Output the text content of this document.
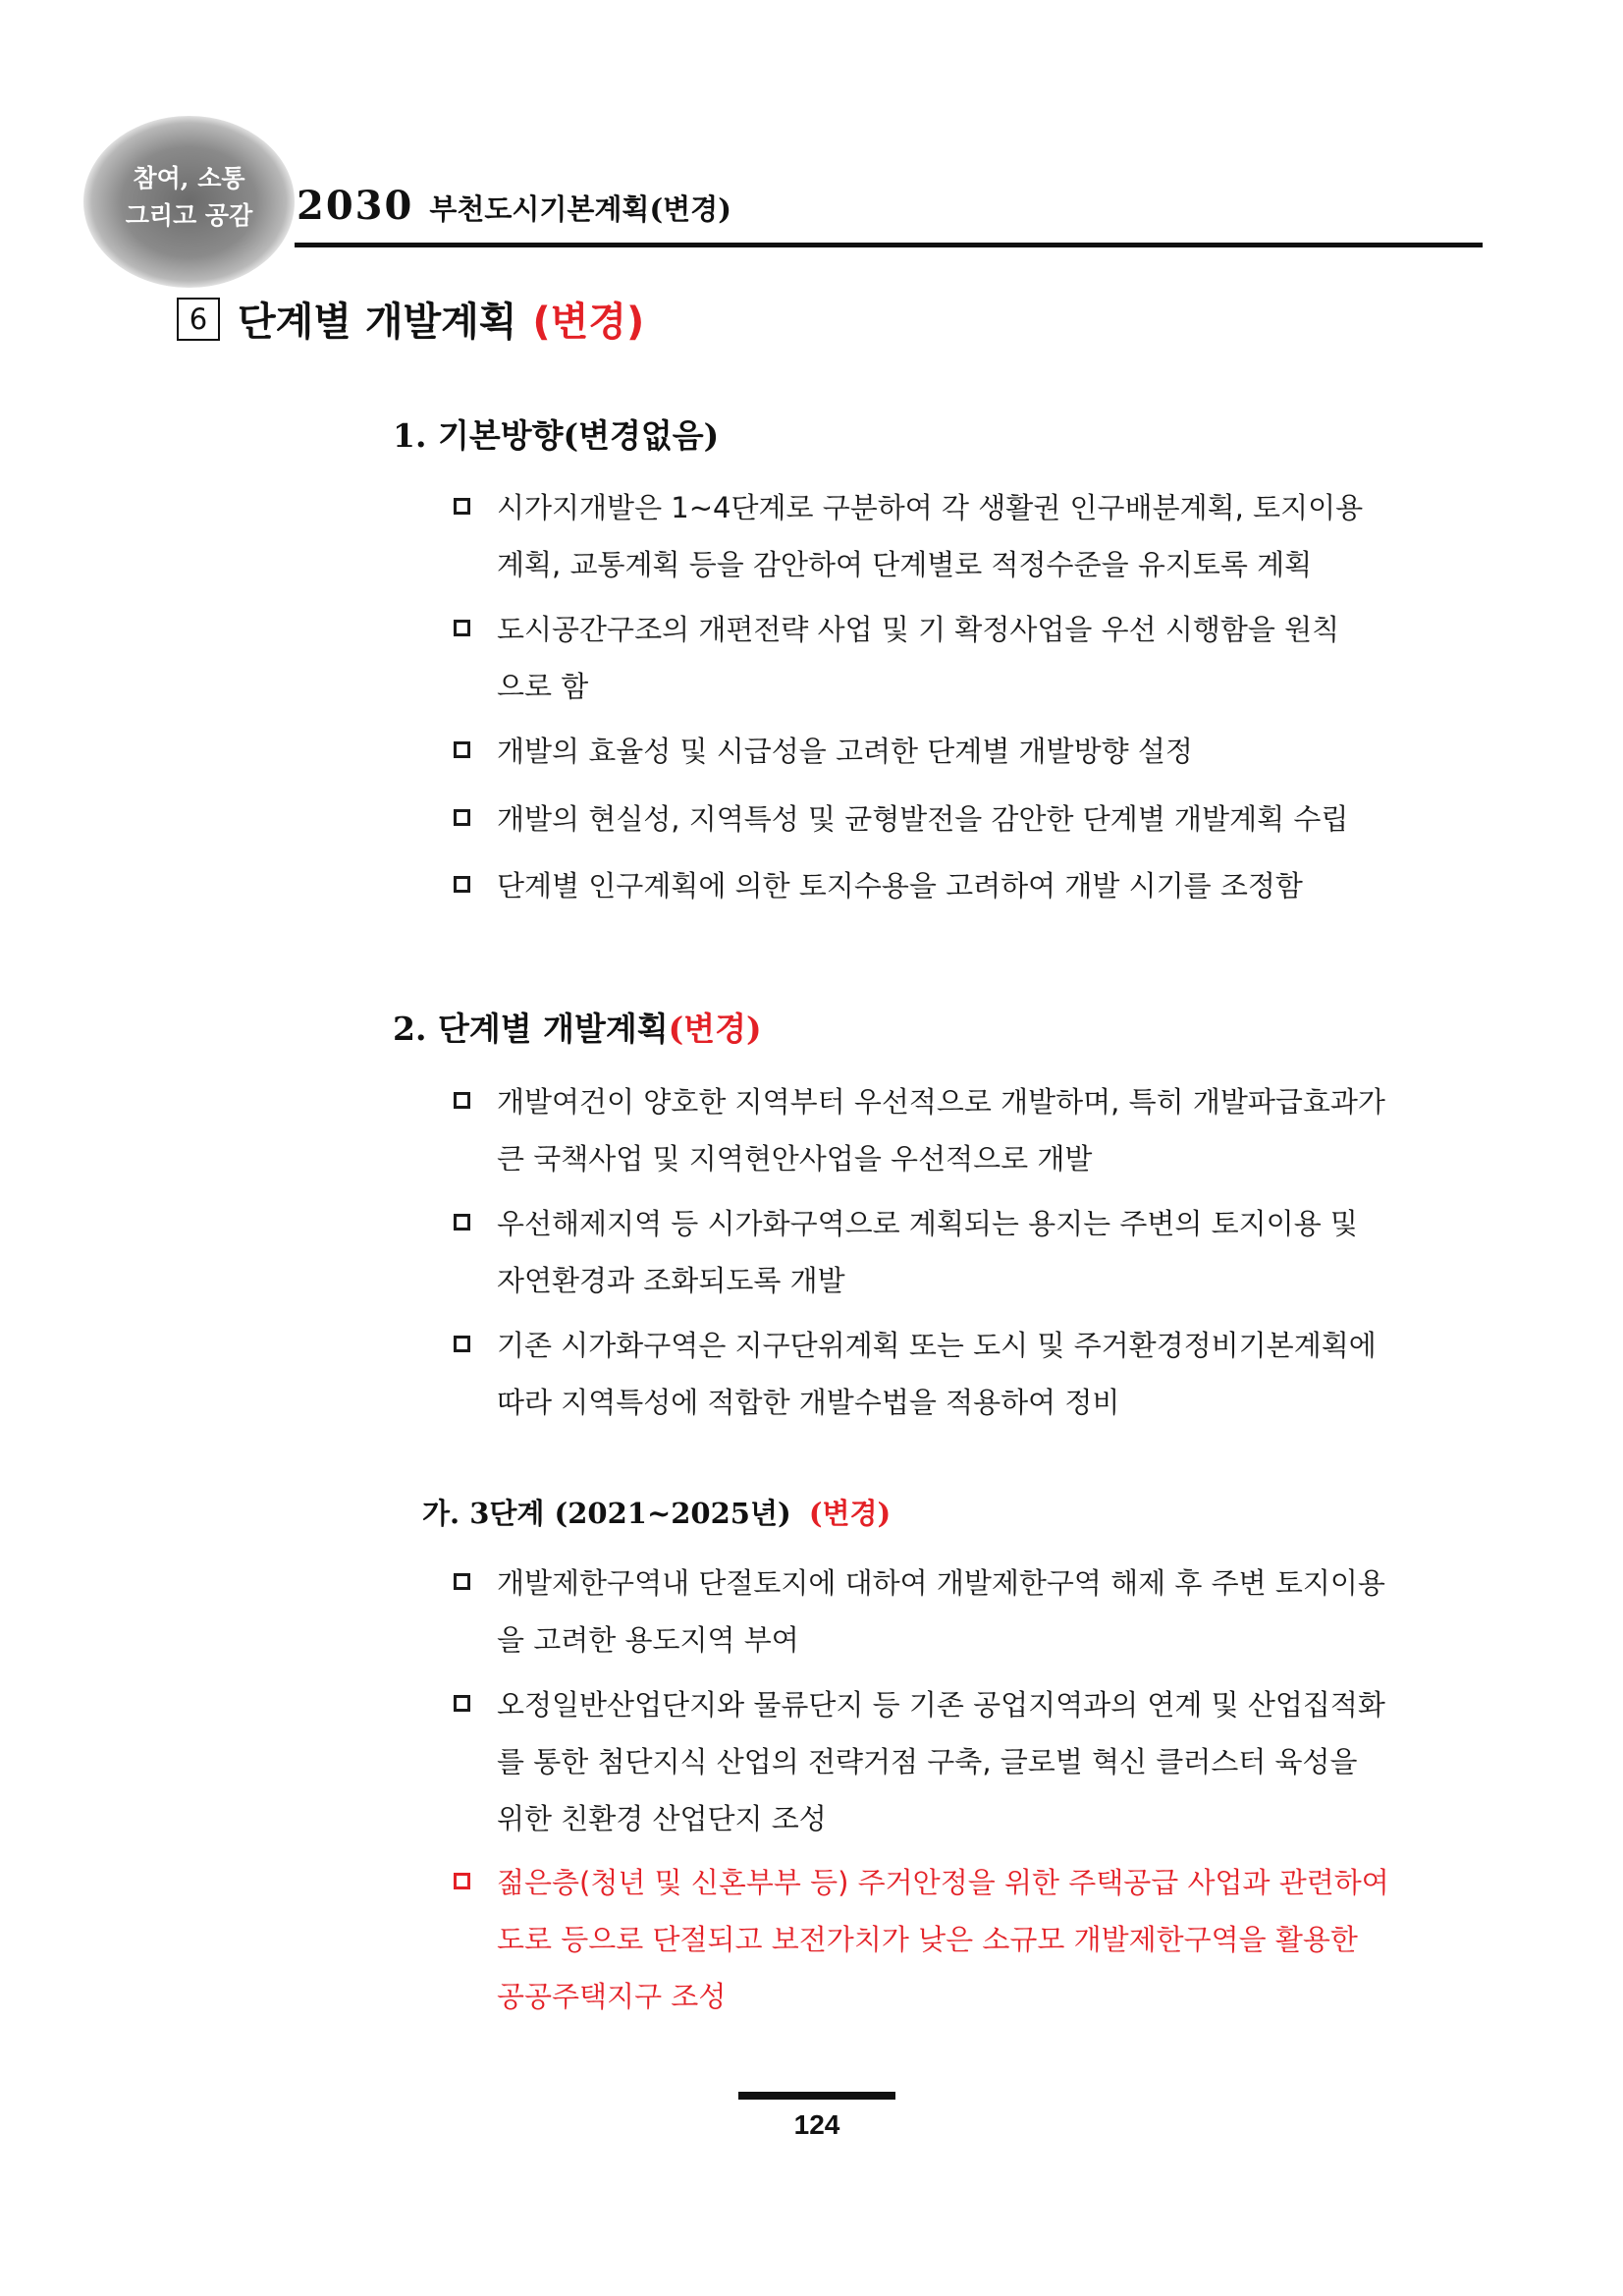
참여, 소통
그리고 공감	2030 부천도시기본계획(변경)
6 단계별 개발계획 (변경)
1. 기본방향(변경없음)
시가지개발은 1~4단계로 구분하여 각 생활권 인구배분계획, 토지이용
계획, 교통계획 등을 감안하여 단계별로 적정수준을 유지토록 계획
도시공간구조의 개편전략 사업 및 기 확정사업을 우선 시행함을 원칙
으로 함
개발의 효율성 및 시급성을 고려한 단계별 개발방향 설정
개발의 현실성, 지역특성 및 균형발전을 감안한 단계별 개발계획 수립
단계별 인구계획에 의한 토지수용을 고려하여 개발 시기를 조정함
2. 단계별 개발계획(변경)
개발여건이 양호한 지역부터 우선적으로 개발하며, 특히 개발파급효과가
큰 국책사업 및 지역현안사업을 우선적으로 개발
우선해제지역 등 시가화구역으로 계획되는 용지는 주변의 토지이용 및
자연환경과 조화되도록 개발
기존 시가화구역은 지구단위계획 또는 도시 및 주거환경정비기본계획에
따라 지역특성에 적합한 개발수법을 적용하여 정비
가. 3단계 (2021~2025년) (변경)
개발제한구역내 단절토지에 대하여 개발제한구역 해제 후 주변 토지이용
을 고려한 용도지역 부여
오정일반산업단지와 물류단지 등 기존 공업지역과의 연계 및 산업집적화
를 통한 첨단지식 산업의 전략거점 구축, 글로벌 혁신 클러스터 육성을
위한 친환경 산업단지 조성
젊은층(청년 및 신혼부부 등) 주거안정을 위한 주택공급 사업과 관련하여
도로 등으로 단절되고 보전가치가 낮은 소규모 개발제한구역을 활용한
공공주택지구 조성
124
